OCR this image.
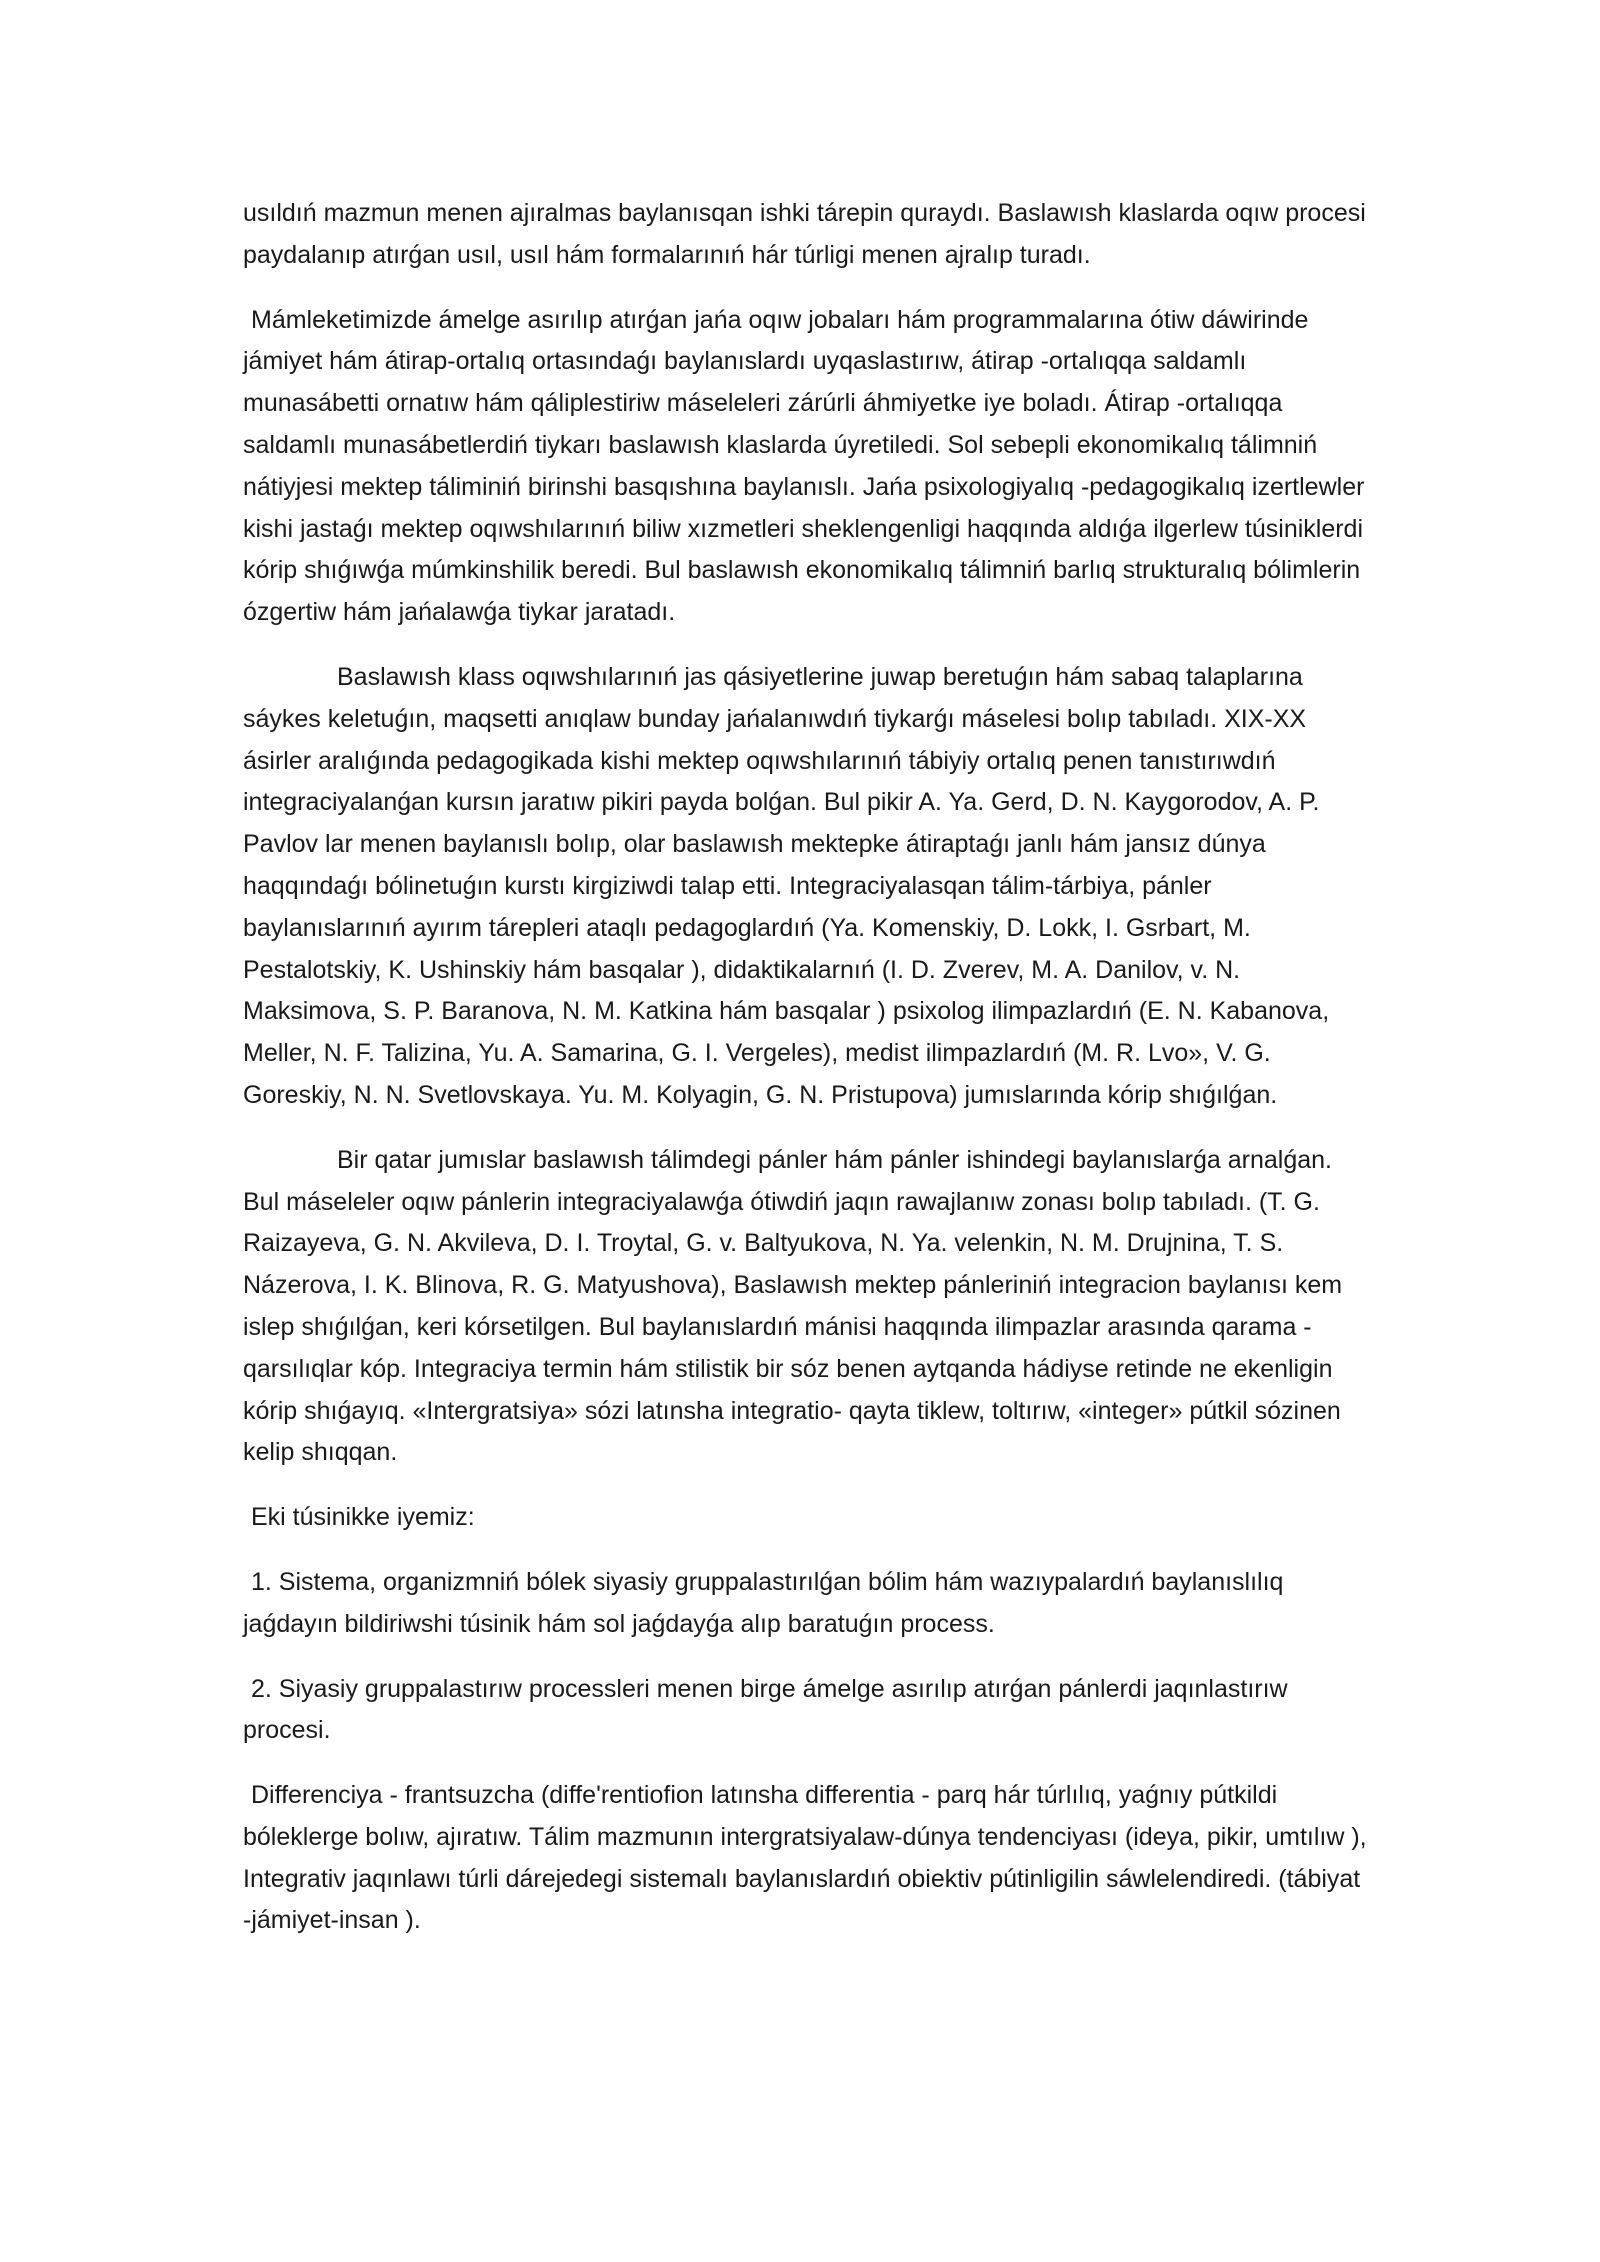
usıldıń mazmun menen ajıralmas baylanısqan ishki tárepin quraydı. Baslawısh klaslarda oqıw procesi paydalanıp atırǵan usıl, usıl hám formalarınıń hár túrligi menen ajralıp turadı.

Mámleketimizde ámelge asırılıp atırǵan jańa oqıw jobaları hám programmalarına ótiw dáwirinde jámiyet hám átirap-ortalıq ortasındaǵı baylanıslardı uyqaslastırıw, átirap -ortalıqqa saldamlı munasábetti ornatıw hám qáliplestiriw máseleleri zárúrli áhmiyetke iye boladı. Átirap -ortalıqqa saldamlı munasábetlerdiń tiykarı baslawısh klaslarda úyretiledi. Sol sebepli ekonomikalıq tálimniń nátiyjesi mektep táliminiń birinshi basqıshına baylanıslı. Jańa psixologiyalıq -pedagogikalıq izertlewler kishi jastaǵı mektep oqıwshılarınıń biliw xızmetleri sheklengenligi haqqında aldıǵa ilgerlew túsiniklerdi kórip shıǵıwǵa múmkinshilik beredi. Bul baslawısh ekonomikalıq tálimniń barlıq strukturalıq bólimlerin ózgertiw hám jańalawǵa tiykar jaratadı.

Baslawısh klass oqıwshılarınıń jas qásiyetlerine juwap beretuǵın hám sabaq talaplarına sáykes keletuǵın, maqsetti anıqlaw bunday jańalanıwdıń tiykarǵı máselesi bolıp tabıladı. XIX-XX ásirler aralıǵında pedagogikada kishi mektep oqıwshılarınıń tábiyiy ortalıq penen tanıstırıwdıń integraciyalanǵan kursın jaratıw pikiri payda bolǵan. Bul pikir A. Ya. Gerd, D. N. Kaygorodov, A. P. Pavlov lar menen baylanıslı bolıp, olar baslawısh mektepke átiraptaǵı janlı hám jansız dúnya haqqındaǵı bólinetuǵın kurstı kirgiziwdi talap etti. Integraciyalasqan tálim-tárbiya, pánler baylanıslarınıń ayırım tárepleri ataqlı pedagoglardıń (Ya. Komenskiy, D. Lokk, I. Gsrbart, M. Pestalotskiy, K. Ushinskiy hám basqalar ), didaktikalarnıń (I. D. Zverev, M. A. Danilov, v. N. Maksimova, S. P. Baranova, N. M. Katkina hám basqalar ) psixolog ilimpazlardıń (E. N. Kabanova, Meller, N. F. Talizina, Yu. A. Samarina, G. I. Vergeles), medist ilimpazlardıń (M. R. Lvo», V. G. Goreskiy, N. N. Svetlovskaya. Yu. M. Kolyagin, G. N. Pristupova) jumıslarında kórip shıǵılǵan.

Bir qatar jumıslar baslawısh tálimdegi pánler hám pánler ishindegi baylanıslarǵa arnalǵan. Bul máseleler oqıw pánlerin integraciyalawǵa ótiwdiń jaqın rawajlanıw zonası bolıp tabıladı. (T. G. Raizayeva, G. N. Akvileva, D. I. Troytal, G. v. Baltyukova, N. Ya. velenkin, N. M. Drujnina, T. S. Názerova, I. K. Blinova, R. G. Matyushova), Baslawısh mektep pánleriniń integracion baylanısı kem islep shıǵılǵan, keri kórsetilgen. Bul baylanıslardıń mánisi haqqında ilimpazlar arasında qarama -qarsılıqlar kóp. Integraciya termin hám stilistik bir sóz benen aytqanda hádiyse retinde ne ekenligin kórip shıǵayıq. «Intergratsiya» sózi latınsha integratio- qayta tiklew, toltırıw, «integer» pútkil sózinen kelip shıqqan.

Eki túsinikke iyemiz:

1. Sistema, organizmniń bólek siyasiy gruppalastırılǵan bólim hám wazıypalardıń baylanıslılıq jaǵdayın bildiriwshi túsinik hám sol jaǵdayǵa alıp baratuǵın process.

2. Siyasiy gruppalastırıw processleri menen birge ámelge asırılıp atırǵan pánlerdi jaqınlastırıw procesi.

Differenciya - frantsuzcha (diffe'rentiofion latınsha differentia - parq hár túrlılıq, yaǵnıy pútkildi bóleklerge bolıw, ajıratıw. Tálim mazmunın intergratsiyalaw-dúnya tendenciyası (ideya, pikir, umtılıw ), Integrativ jaqınlawı túrli dárejedegi sistemalı baylanıslardıń obiektiv pútinligilin sáwlelendiredi. (tábiyat -jámiyet-insan ).
